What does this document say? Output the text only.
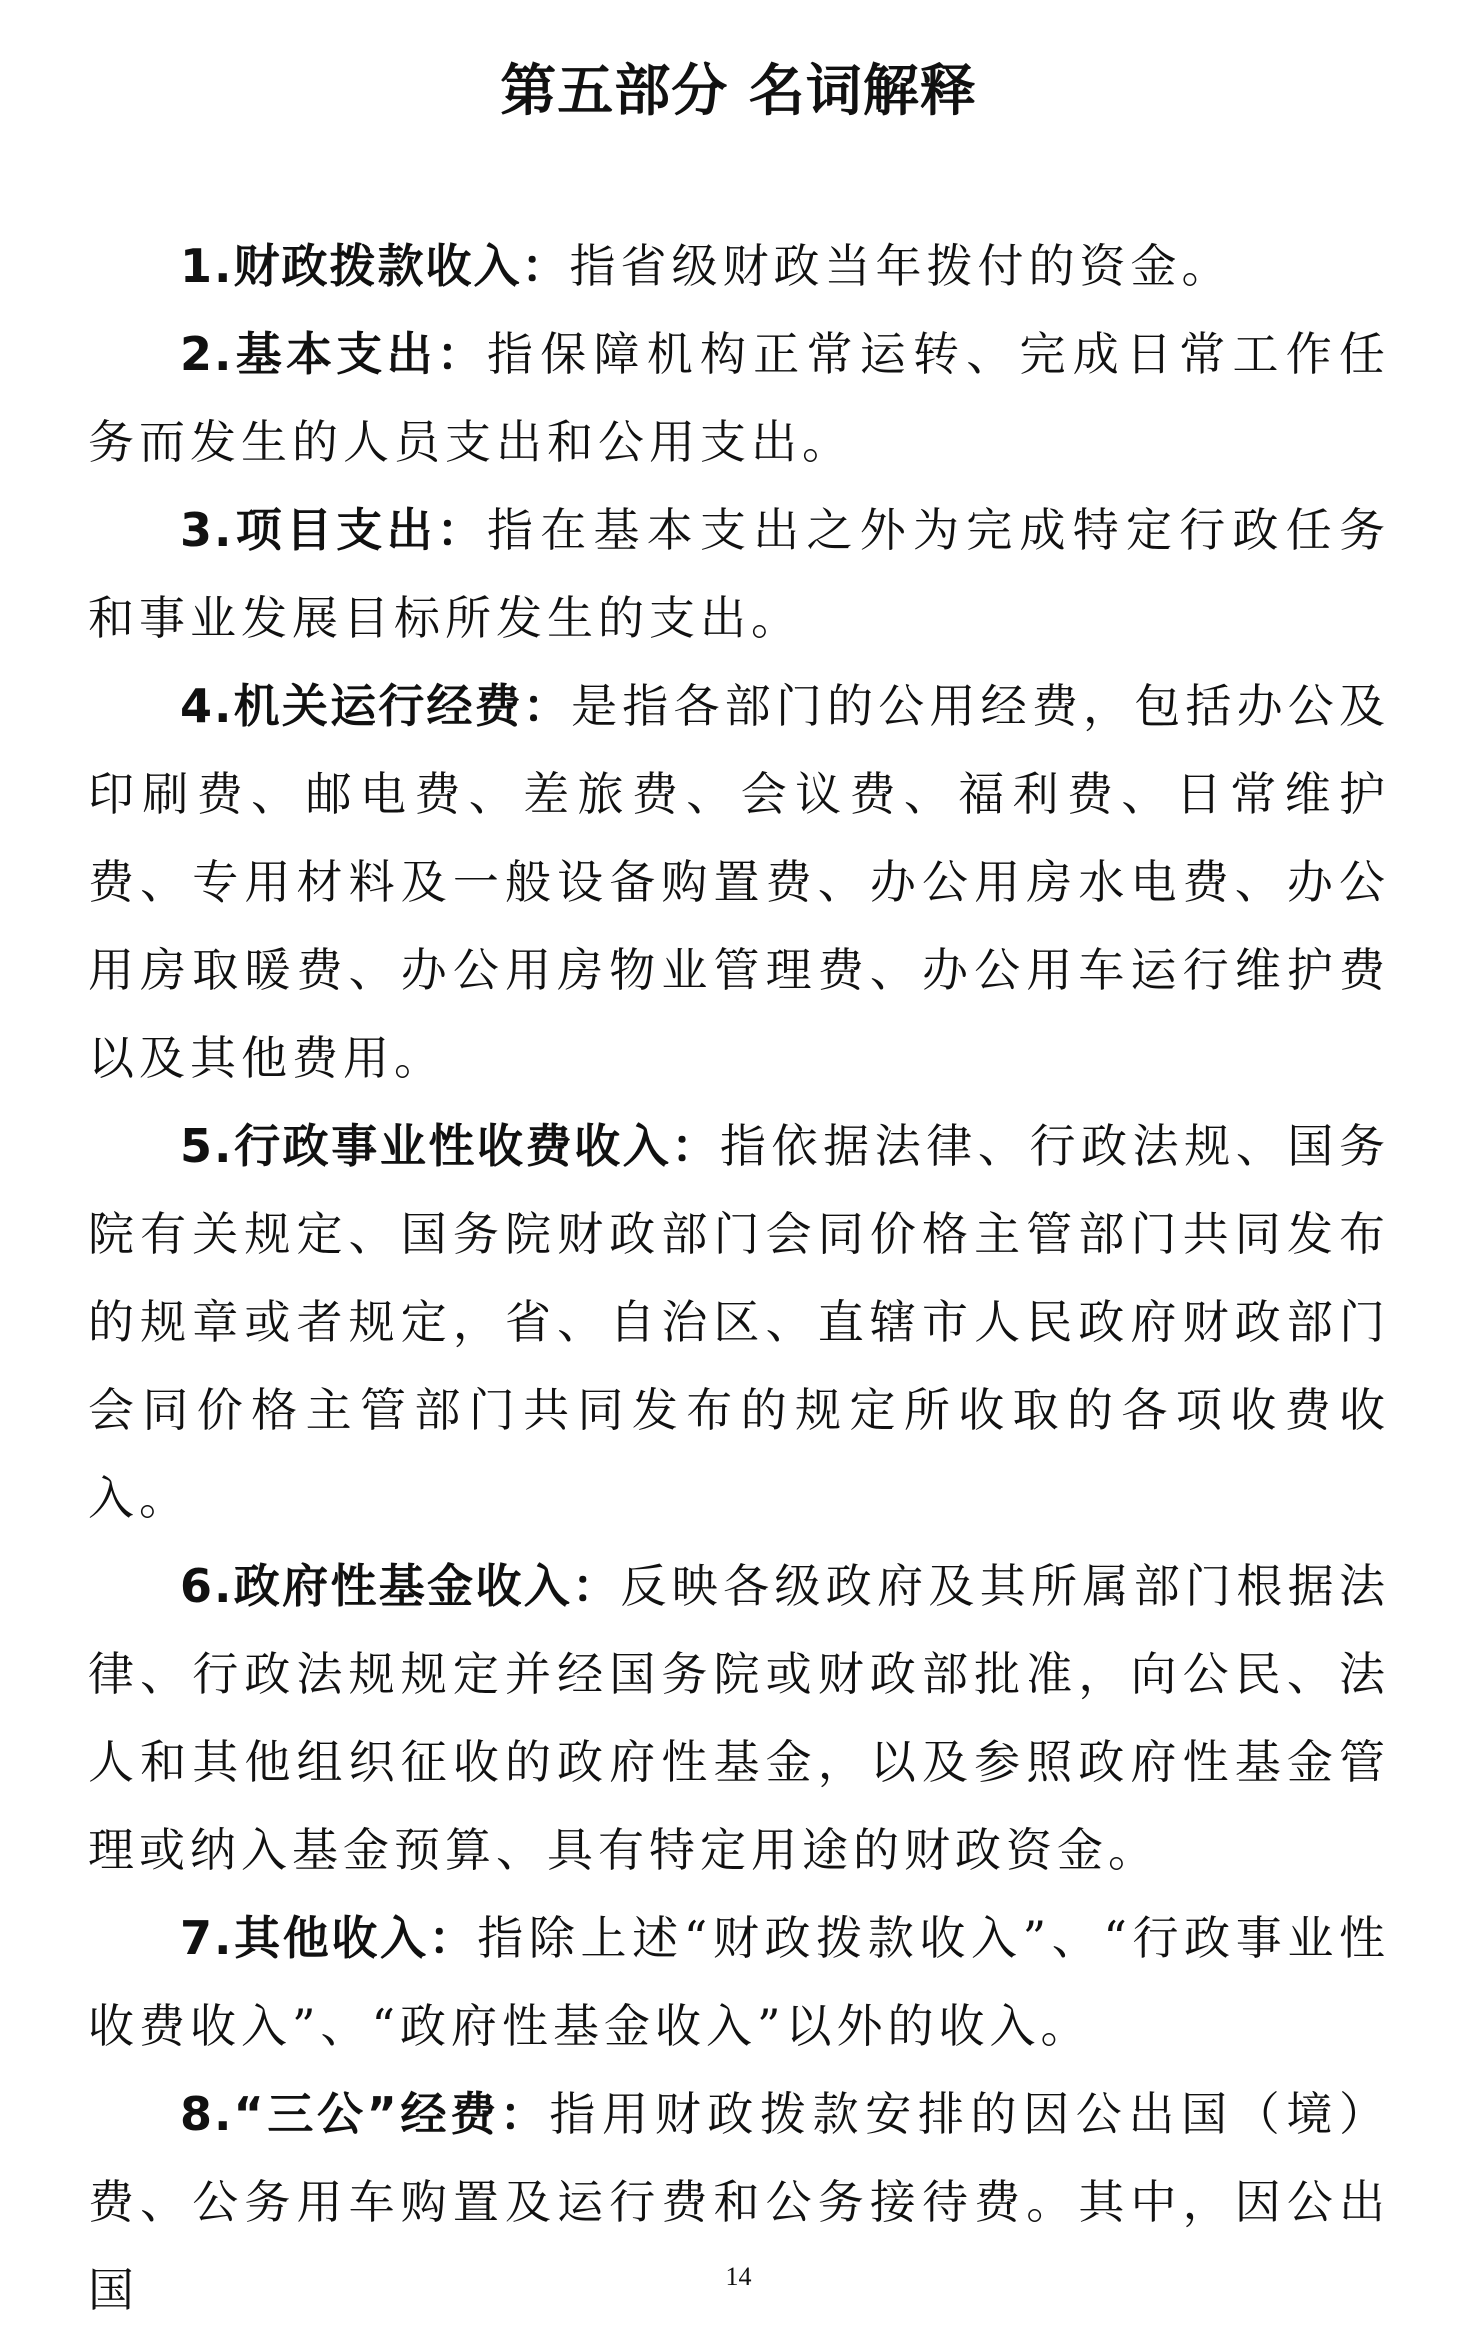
第五部分 名词解释

1.财政拨款收入：指省级财政当年拨付的资金。

2.基本支出：指保障机构正常运转、完成日常工作任务而发生的人员支出和公用支出。

3.项目支出：指在基本支出之外为完成特定行政任务和事业发展目标所发生的支出。

4.机关运行经费：是指各部门的公用经费，包括办公及印刷费、邮电费、差旅费、会议费、福利费、日常维护费、专用材料及一般设备购置费、办公用房水电费、办公用房取暖费、办公用房物业管理费、办公用车运行维护费以及其他费用。

5.行政事业性收费收入：指依据法律、行政法规、国务院有关规定、国务院财政部门会同价格主管部门共同发布的规章或者规定，省、自治区、直辖市人民政府财政部门会同价格主管部门共同发布的规定所收取的各项收费收入。

6.政府性基金收入：反映各级政府及其所属部门根据法律、行政法规规定并经国务院或财政部批准，向公民、法人和其他组织征收的政府性基金，以及参照政府性基金管理或纳入基金预算、具有特定用途的财政资金。

7.其他收入：指除上述“财政拨款收入”、“行政事业性收费收入”、“政府性基金收入”以外的收入。

8.“三公”经费：指用财政拨款安排的因公出国（境）费、公务用车购置及运行费和公务接待费。其中，因公出国	14
